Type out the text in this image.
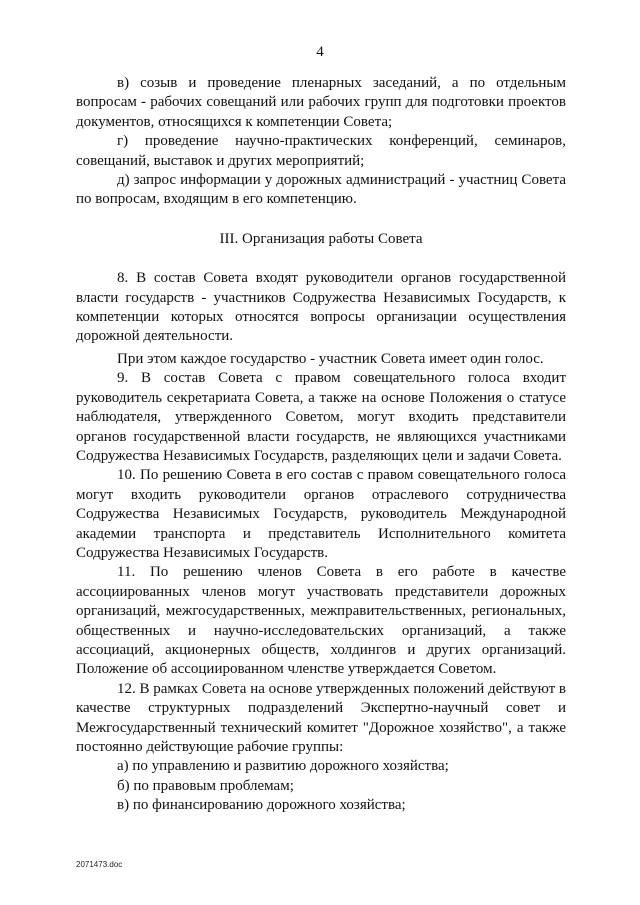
4

в) созыв и проведение пленарных заседаний, а по отдельным вопросам - рабочих совещаний или рабочих групп для подготовки проектов документов, относящихся к компетенции Совета;

г) проведение научно-практических конференций, семинаров, совещаний, выставок и других мероприятий;

д) запрос информации у дорожных администраций - участниц Совета по вопросам, входящим в его компетенцию.

III. Организация работы Совета

8. В состав Совета входят руководители органов государственной власти государств - участников Содружества Независимых Государств, к компетенции которых относятся вопросы организации осуществления дорожной деятельности.

При этом каждое государство - участник Совета имеет один голос.

9. В состав Совета с правом совещательного голоса входит руководитель секретариата Совета, а также на основе Положения о статусе наблюдателя, утвержденного Советом, могут входить представители органов государственной власти государств, не являющихся участниками Содружества Независимых Государств, разделяющих цели и задачи Совета.

10. По решению Совета в его состав с правом совещательного голоса могут входить руководители органов отраслевого сотрудничества Содружества Независимых Государств, руководитель Международной академии транспорта и представитель Исполнительного комитета Содружества Независимых Государств.

11. По решению членов Совета в его работе в качестве ассоциированных членов могут участвовать представители дорожных организаций, межгосударственных, межправительственных, региональных, общественных и научно-исследовательских организаций, а также ассоциаций, акционерных обществ, холдингов и других организаций. Положение об ассоциированном членстве утверждается Советом.

12. В рамках Совета на основе утвержденных положений действуют в качестве структурных подразделений Экспертно-научный совет и Межгосударственный технический комитет "Дорожное хозяйство", а также постоянно действующие рабочие группы:

а) по управлению и развитию дорожного хозяйства;

б) по правовым проблемам;

в) по финансированию дорожного хозяйства;

2071473.doc
